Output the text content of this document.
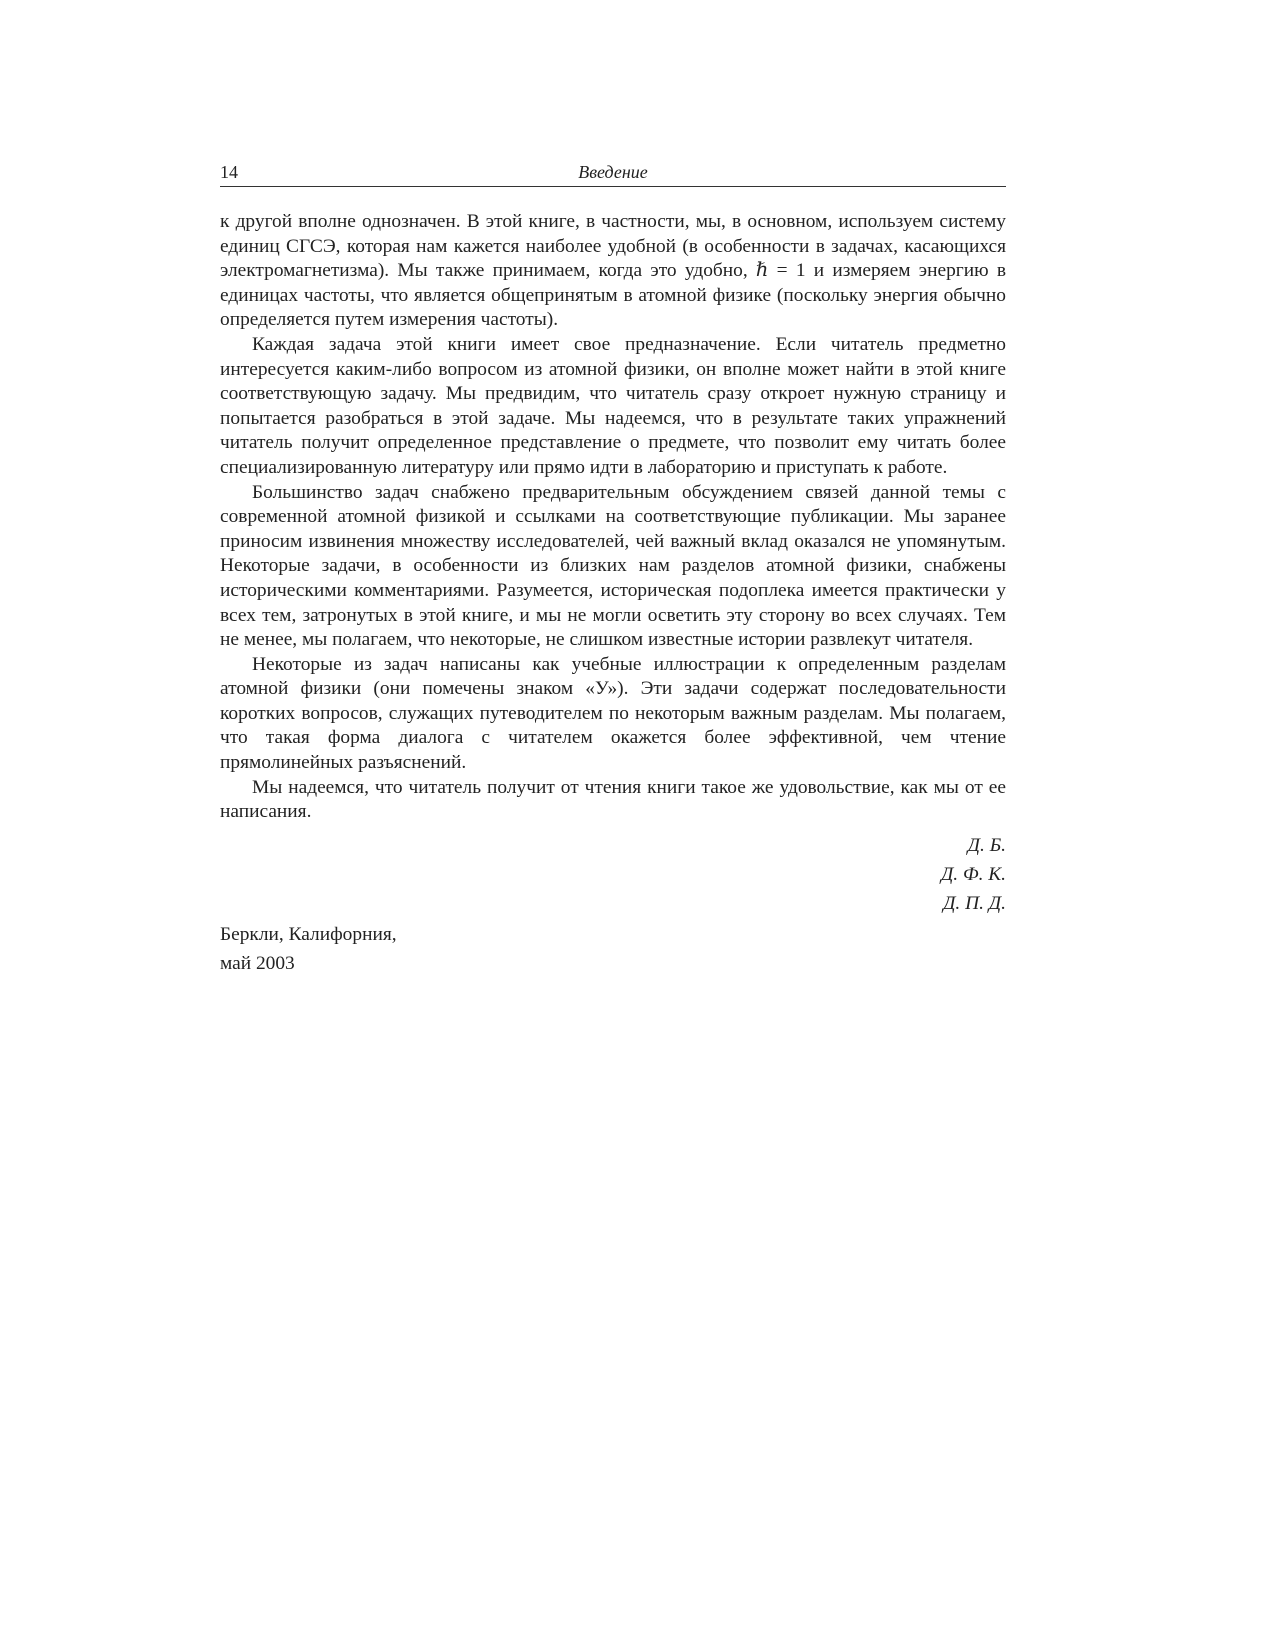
14	Введение

к другой вполне однозначен. В этой книге, в частности, мы, в основном, используем систему единиц СГСЭ, которая нам кажется наиболее удобной (в особенности в задачах, касающихся электромагнетизма). Мы также принимаем, когда это удобно, ℏ = 1 и измеряем энергию в единицах частоты, что является общепринятым в атомной физике (поскольку энергия обычно определяется путем измерения частоты).

Каждая задача этой книги имеет свое предназначение. Если читатель предметно интересуется каким-либо вопросом из атомной физики, он вполне может найти в этой книге соответствующую задачу. Мы предвидим, что читатель сразу откроет нужную страницу и попытается разобраться в этой задаче. Мы надеемся, что в результате таких упражнений читатель получит определенное представление о предмете, что позволит ему читать более специализированную литературу или прямо идти в лабораторию и приступать к работе.

Большинство задач снабжено предварительным обсуждением связей данной темы с современной атомной физикой и ссылками на соответствующие публикации. Мы заранее приносим извинения множеству исследователей, чей важный вклад оказался не упомянутым. Некоторые задачи, в особенности из близких нам разделов атомной физики, снабжены историческими комментариями. Разумеется, историческая подоплека имеется практически у всех тем, затронутых в этой книге, и мы не могли осветить эту сторону во всех случаях. Тем не менее, мы полагаем, что некоторые, не слишком известные истории развлекут читателя.

Некоторые из задач написаны как учебные иллюстрации к определенным разделам атомной физики (они помечены знаком «У»). Эти задачи содержат последовательности коротких вопросов, служащих путеводителем по некоторым важным разделам. Мы полагаем, что такая форма диалога с читателем окажется более эффективной, чем чтение прямолинейных разъяснений.

Мы надеемся, что читатель получит от чтения книги такое же удовольствие, как мы от ее написания.

Д. Б.
Д. Ф. К.
Д. П. Д.
Беркли, Калифорния,
май 2003
